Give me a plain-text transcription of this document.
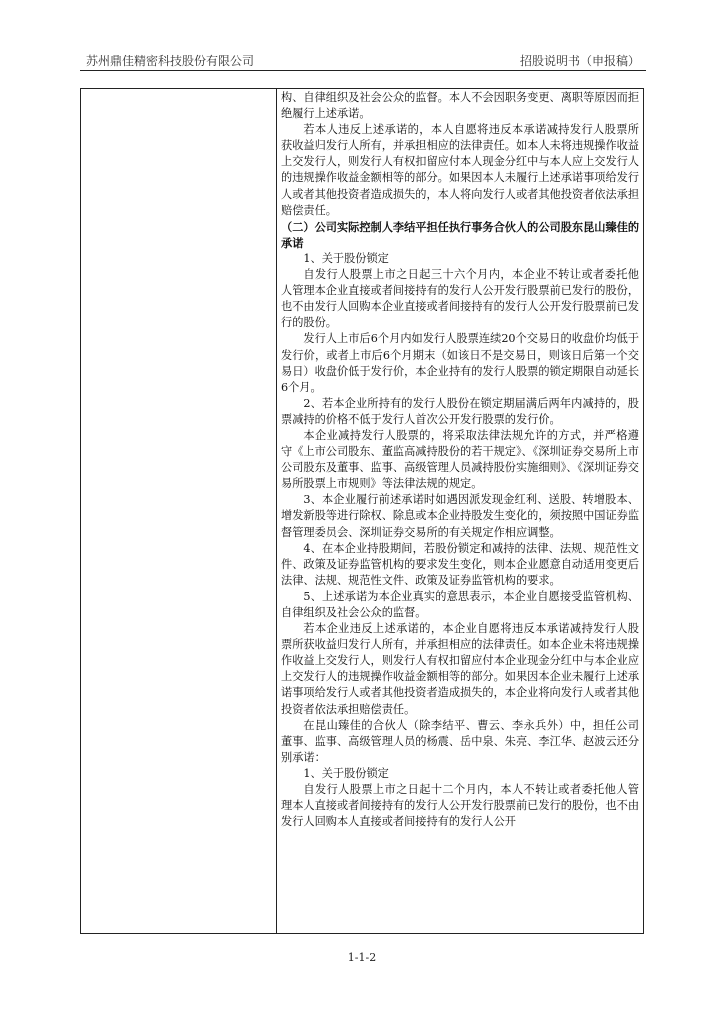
苏州鼎佳精密科技股份有限公司	招股说明书（申报稿）

构、自律组织及社会公众的监督。本人不会因职务变更、离职等原因而拒绝履行上述承诺。

若本人违反上述承诺的，本人自愿将违反本承诺减持发行人股票所获收益归发行人所有，并承担相应的法律责任。如本人未将违规操作收益上交发行人，则发行人有权扣留应付本人现金分红中与本人应上交发行人的违规操作收益金额相等的部分。如果因本人未履行上述承诺事项给发行人或者其他投资者造成损失的，本人将向发行人或者其他投资者依法承担赔偿责任。

（二）公司实际控制人李结平担任执行事务合伙人的公司股东昆山臻佳的承诺

1、关于股份锁定

自发行人股票上市之日起三十六个月内，本企业不转让或者委托他人管理本企业直接或者间接持有的发行人公开发行股票前已发行的股份，也不由发行人回购本企业直接或者间接持有的发行人公开发行股票前已发行的股份。

发行人上市后6个月内如发行人股票连续20个交易日的收盘价均低于发行价，或者上市后6个月期末（如该日不是交易日，则该日后第一个交易日）收盘价低于发行价，本企业持有的发行人股票的锁定期限自动延长6个月。

2、若本企业所持有的发行人股份在锁定期届满后两年内减持的，股票减持的价格不低于发行人首次公开发行股票的发行价。

本企业减持发行人股票的，将采取法律法规允许的方式，并严格遵守《上市公司股东、董监高减持股份的若干规定》、《深圳证券交易所上市公司股东及董事、监事、高级管理人员减持股份实施细则》、《深圳证券交易所股票上市规则》等法律法规的规定。

3、本企业履行前述承诺时如遇因派发现金红利、送股、转增股本、增发新股等进行除权、除息或本企业持股发生变化的，须按照中国证券监督管理委员会、深圳证券交易所的有关规定作相应调整。

4、在本企业持股期间，若股份锁定和减持的法律、法规、规范性文件、政策及证券监管机构的要求发生变化，则本企业愿意自动适用变更后法律、法规、规范性文件、政策及证券监管机构的要求。

5、上述承诺为本企业真实的意思表示，本企业自愿接受监管机构、自律组织及社会公众的监督。

若本企业违反上述承诺的，本企业自愿将违反本承诺减持发行人股票所获收益归发行人所有，并承担相应的法律责任。如本企业未将违规操作收益上交发行人，则发行人有权扣留应付本企业现金分红中与本企业应上交发行人的违规操作收益金额相等的部分。如果因本企业未履行上述承诺事项给发行人或者其他投资者造成损失的，本企业将向发行人或者其他投资者依法承担赔偿责任。

在昆山臻佳的合伙人（除李结平、曹云、李永兵外）中，担任公司董事、监事、高级管理人员的杨震、岳中泉、朱亮、李江华、赵波云还分别承诺：

1、关于股份锁定

自发行人股票上市之日起十二个月内，本人不转让或者委托他人管理本人直接或者间接持有的发行人公开发行股票前已发行的股份，也不由发行人回购本人直接或者间接持有的发行人公开

1-1-2
